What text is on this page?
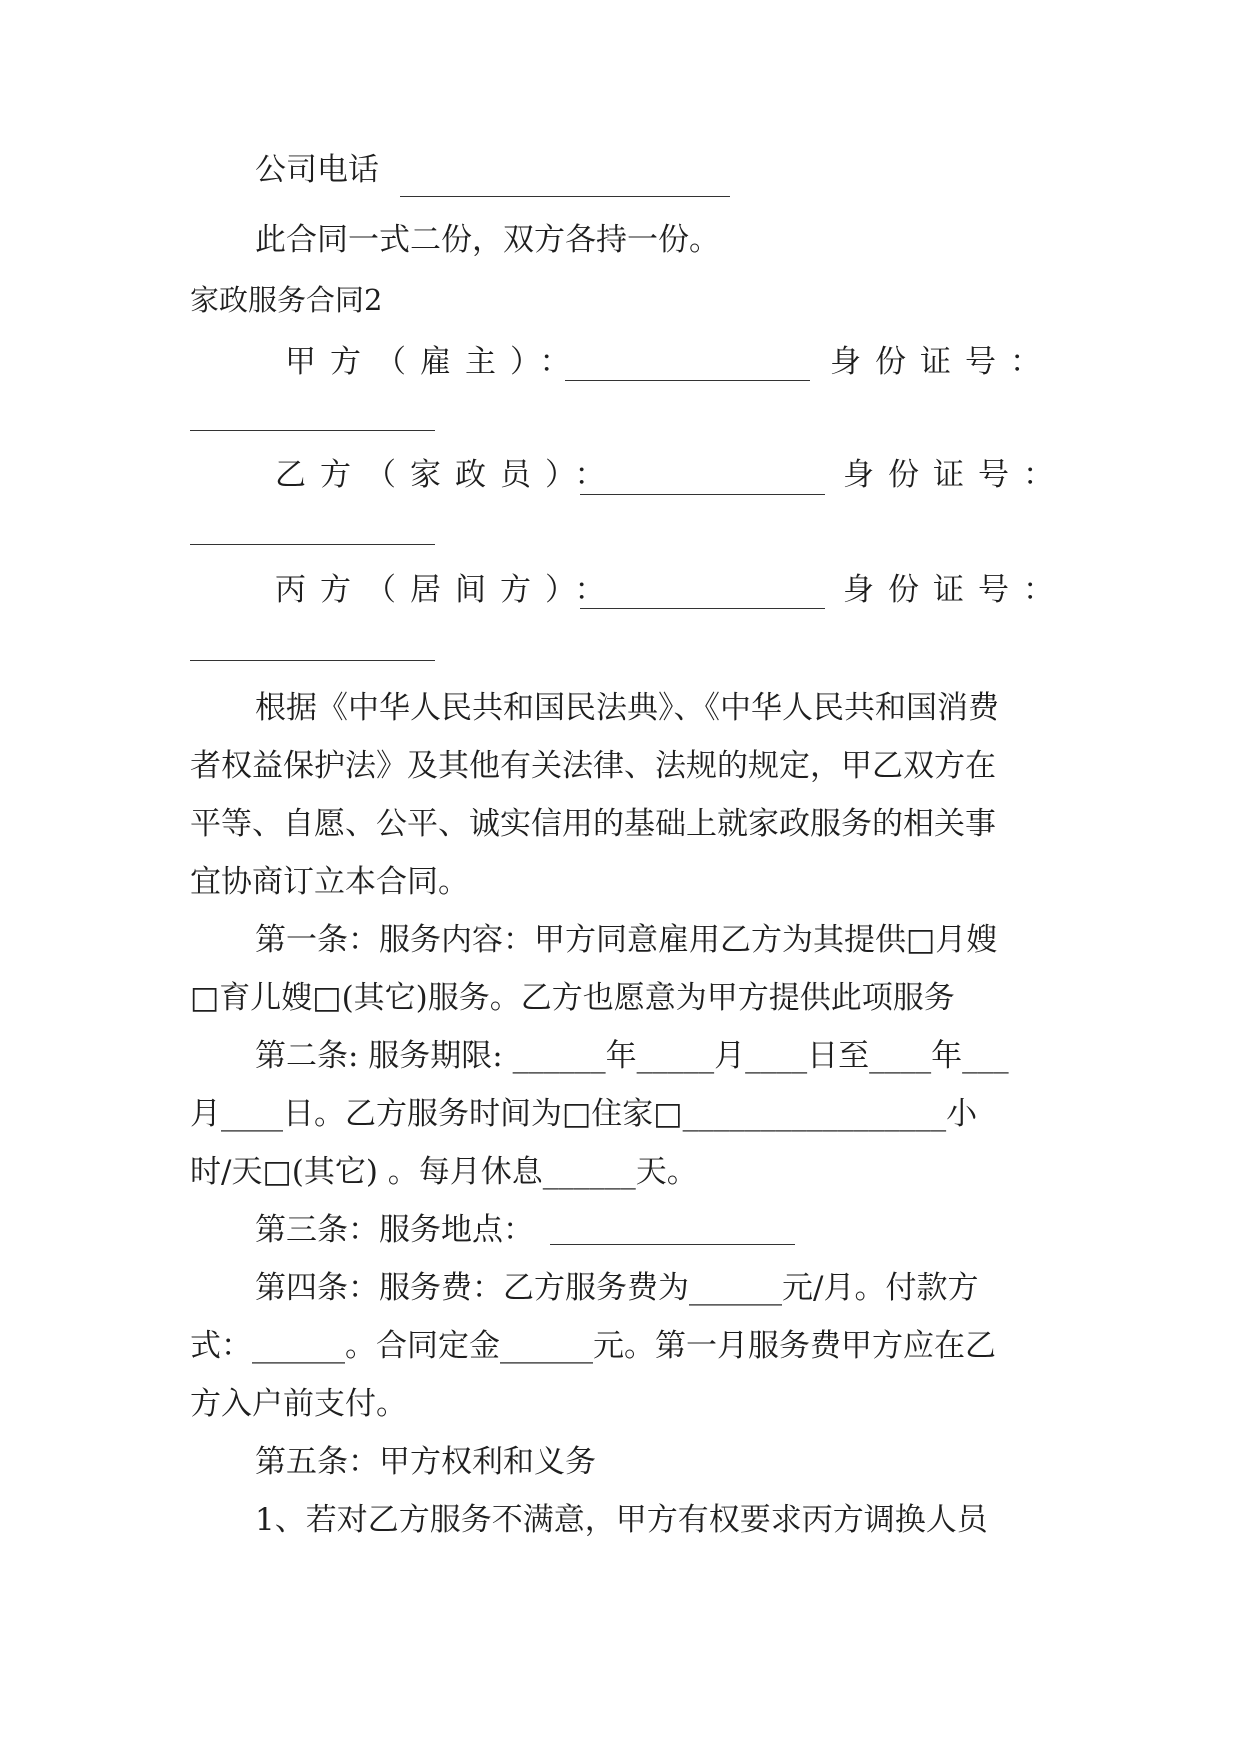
公司电话
此合同一式二份，双方各持一份。
家政服务合同2
甲方（雇主）：	身份证号：
乙方（家政员）：	身份证号：
丙方（居间方）：	身份证号：
根据《中华人民共和国民法典》、《中华人民共和国消费
者权益保护法》及其他有关法律、法规的规定，甲乙双方在
平等、自愿、公平、诚实信用的基础上就家政服务的相关事
宜协商订立本合同。
第一条：服务内容：甲方同意雇用乙方为其提供□月嫂
□育儿嫂□(其它)服务。乙方也愿意为甲方提供此项服务
第二条: 服务期限: ______年_____月____日至____年___
月____日。乙方服务时间为□住家□_________________小
时/天□(其它) 。每月休息______天。
第三条：服务地点：
第四条：服务费：乙方服务费为______元/月。付款方
式：______。合同定金______元。第一月服务费甲方应在乙
方入户前支付。
第五条：甲方权利和义务
1、若对乙方服务不满意，甲方有权要求丙方调换人员
